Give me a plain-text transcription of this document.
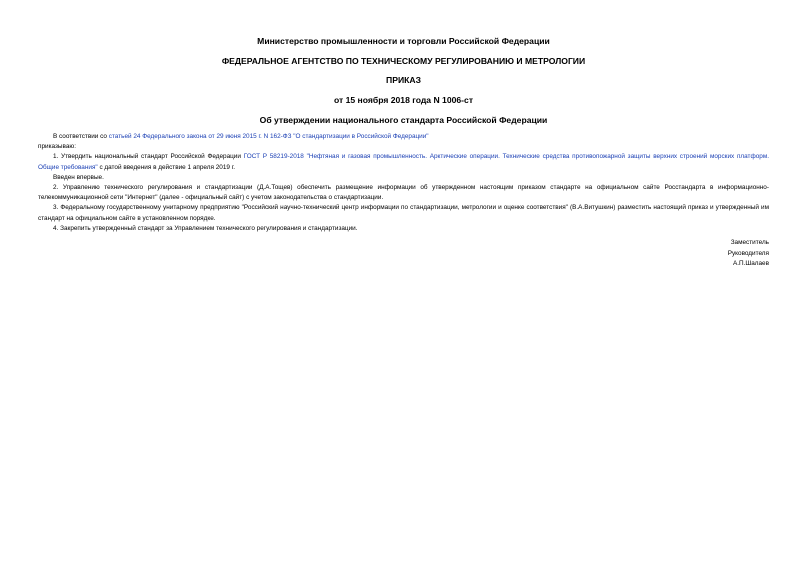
Министерство промышленности и торговли Российской Федерации
ФЕДЕРАЛЬНОЕ АГЕНТСТВО ПО ТЕХНИЧЕСКОМУ РЕГУЛИРОВАНИЮ И МЕТРОЛОГИИ
ПРИКАЗ
от 15 ноября 2018 года N 1006-ст
Об утверждении национального стандарта Российской Федерации

В соответствии со статьей 24 Федерального закона от 29 июня 2015 г. N 162-ФЗ "О стандартизации в Российской Федерации"

приказываю:

1. Утвердить национальный стандарт Российской Федерации ГОСТ Р 58219-2018 "Нефтяная и газовая промышленность. Арктические операции. Технические средства противопожарной защиты верхних строений морских платформ. Общие требования" с датой введения в действие 1 апреля 2019 г.

Введен впервые.

2. Управлению технического регулирования и стандартизации (Д.А.Тощев) обеспечить размещение информации об утвержденном настоящим приказом стандарте на официальном сайте Росстандарта в информационно-телекоммуникационной сети "Интернет" (далее - официальный сайт) с учетом законодательства о стандартизации.

3. Федеральному государственному унитарному предприятию "Российский научно-технический центр информации по стандартизации, метрологии и оценке соответствия" (В.А.Витушкин) разместить настоящий приказ и утвержденный им стандарт на официальном сайте в установленном порядке.

4. Закрепить утвержденный стандарт за Управлением технического регулирования и стандартизации.

Заместитель
Руководителя
А.П.Шалаев
